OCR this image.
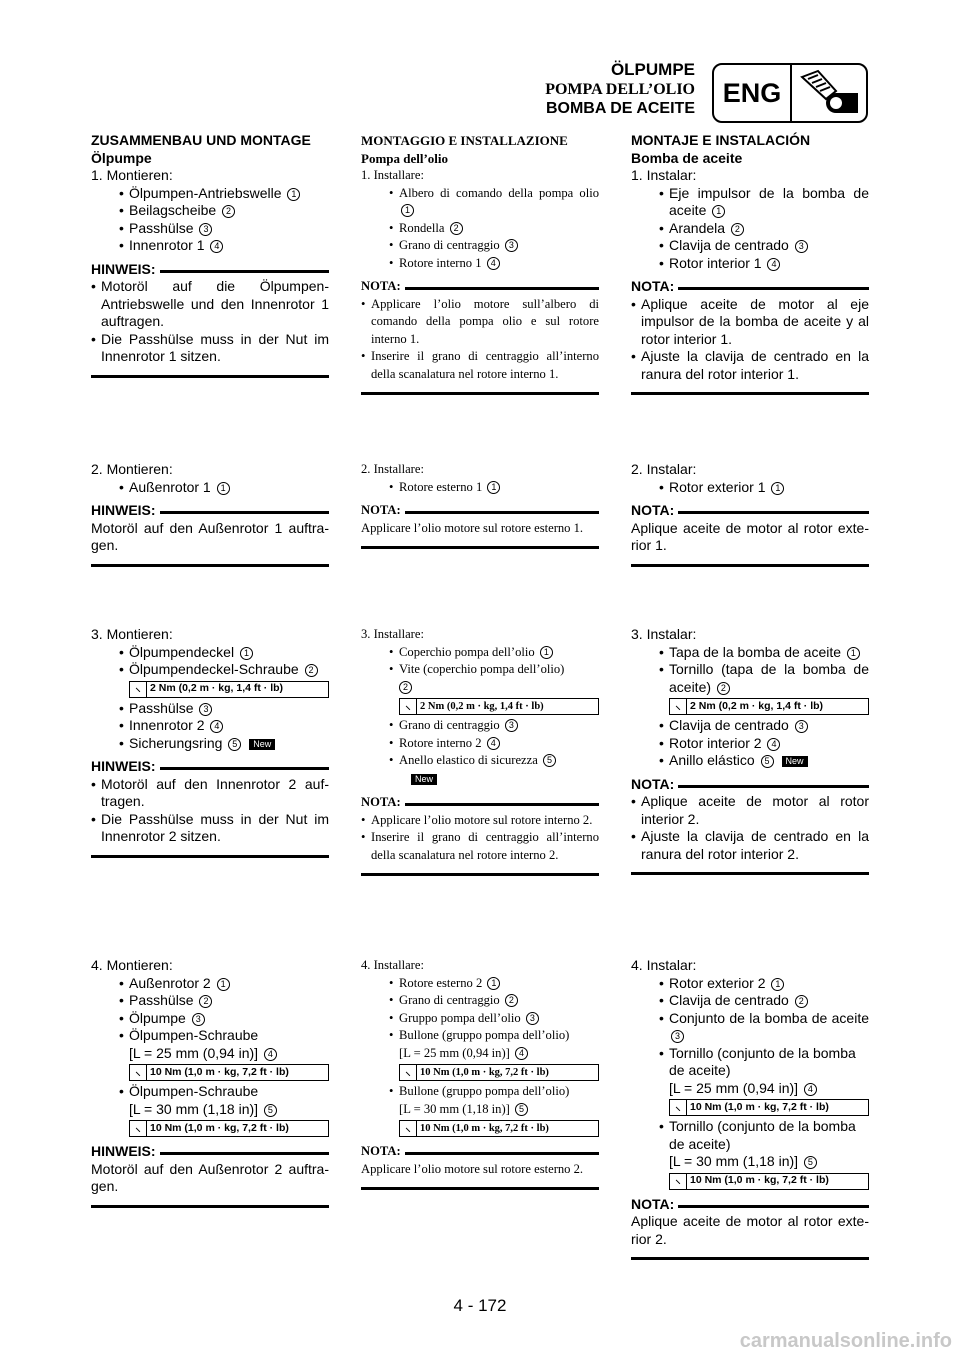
ÖLPUMPE
POMPA DELL’OLIO
BOMBA DE ACEITE
ENG
ZUSAMMENBAU UND MONTAGE
Ölpumpe
1. Montieren:
• Ölpumpen-Antriebswelle 1
• Beilagscheibe 2
• Passhülse 3
• Innenrotor 1 4
HINWEIS:
• Motoröl auf die Ölpumpen-Antriebswelle und den Innenrotor 1 auftragen.
• Die Passhülse muss in der Nut im Innenrotor 1 sitzen.
2. Montieren:
• Außenrotor 1 1
HINWEIS:
Motoröl auf den Außenrotor 1 auftra-gen.
3. Montieren:
• Ölpumpendeckel 1
• Ölpumpendeckel-Schraube 2
⸜ 2 Nm (0,2 m · kg, 1,4 ft · lb)
• Passhülse 3
• Innenrotor 2 4
• Sicherungsring 5 New
HINWEIS:
• Motoröl auf den Innenrotor 2 auf-tragen.
• Die Passhülse muss in der Nut im Innenrotor 2 sitzen.
4. Montieren:
• Außenrotor 2 1
• Passhülse 2
• Ölpumpe 3
• Ölpumpen-Schraube
[L = 25 mm (0,94 in)] 4
⸜ 10 Nm (1,0 m · kg, 7,2 ft · lb)
• Ölpumpen-Schraube
[L = 30 mm (1,18 in)] 5
⸜ 10 Nm (1,0 m · kg, 7,2 ft · lb)
HINWEIS:
Motoröl auf den Außenrotor 2 auftra-gen.
MONTAGGIO E INSTALLAZIONE
Pompa dell’olio
1. Installare:
• Albero di comando della pompa olio 1
• Rondella 2
• Grano di centraggio 3
• Rotore interno 1 4
NOTA:
• Applicare l’olio motore sull’albero di comando della pompa olio e sul rotore interno 1.
• Inserire il grano di centraggio all’interno della scanalatura nel rotore interno 1.
2. Installare:
• Rotore esterno 1 1
NOTA:
Applicare l’olio motore sul rotore esterno 1.
3. Installare:
• Coperchio pompa dell’olio 1
• Vite (coperchio pompa dell’olio)
2
⸜ 2 Nm (0,2 m · kg, 1,4 ft · lb)
• Grano di centraggio 3
• Rotore interno 2 4
• Anello elastico di sicurezza 5
New
NOTA:
• Applicare l’olio motore sul rotore interno 2.
• Inserire il grano di centraggio all’interno della scanalatura nel rotore interno 2.
4. Installare:
• Rotore esterno 2 1
• Grano di centraggio 2
• Gruppo pompa dell’olio 3
• Bullone (gruppo pompa dell’olio)
[L = 25 mm (0,94 in)] 4
⸜ 10 Nm (1,0 m · kg, 7,2 ft · lb)
• Bullone (gruppo pompa dell’olio)
[L = 30 mm (1,18 in)] 5
⸜ 10 Nm (1,0 m · kg, 7,2 ft · lb)
NOTA:
Applicare l’olio motore sul rotore esterno 2.
MONTAJE E INSTALACIÓN
Bomba de aceite
1. Instalar:
• Eje impulsor de la bomba de aceite 1
• Arandela 2
• Clavija de centrado 3
• Rotor interior 1 4
NOTA:
• Aplique aceite de motor al eje impulsor de la bomba de aceite y al rotor interior 1.
• Ajuste la clavija de centrado en la ranura del rotor interior 1.
2. Instalar:
• Rotor exterior 1 1
NOTA:
Aplique aceite de motor al rotor exte-rior 1.
3. Instalar:
• Tapa de la bomba de aceite 1
• Tornillo (tapa de la bomba de aceite) 2
⸜ 2 Nm (0,2 m · kg, 1,4 ft · lb)
• Clavija de centrado 3
• Rotor interior 2 4
• Anillo elástico 5 New
NOTA:
• Aplique aceite de motor al rotor interior 2.
• Ajuste la clavija de centrado en la ranura del rotor interior 2.
4. Instalar:
• Rotor exterior 2 1
• Clavija de centrado 2
• Conjunto de la bomba de aceite 3
• Tornillo (conjunto de la bomba de aceite)
[L = 25 mm (0,94 in)] 4
⸜ 10 Nm (1,0 m · kg, 7,2 ft · lb)
• Tornillo (conjunto de la bomba de aceite)
[L = 30 mm (1,18 in)] 5
⸜ 10 Nm (1,0 m · kg, 7,2 ft · lb)
NOTA:
Aplique aceite de motor al rotor exte-rior 2.
4 - 172
carmanualsonline.info
